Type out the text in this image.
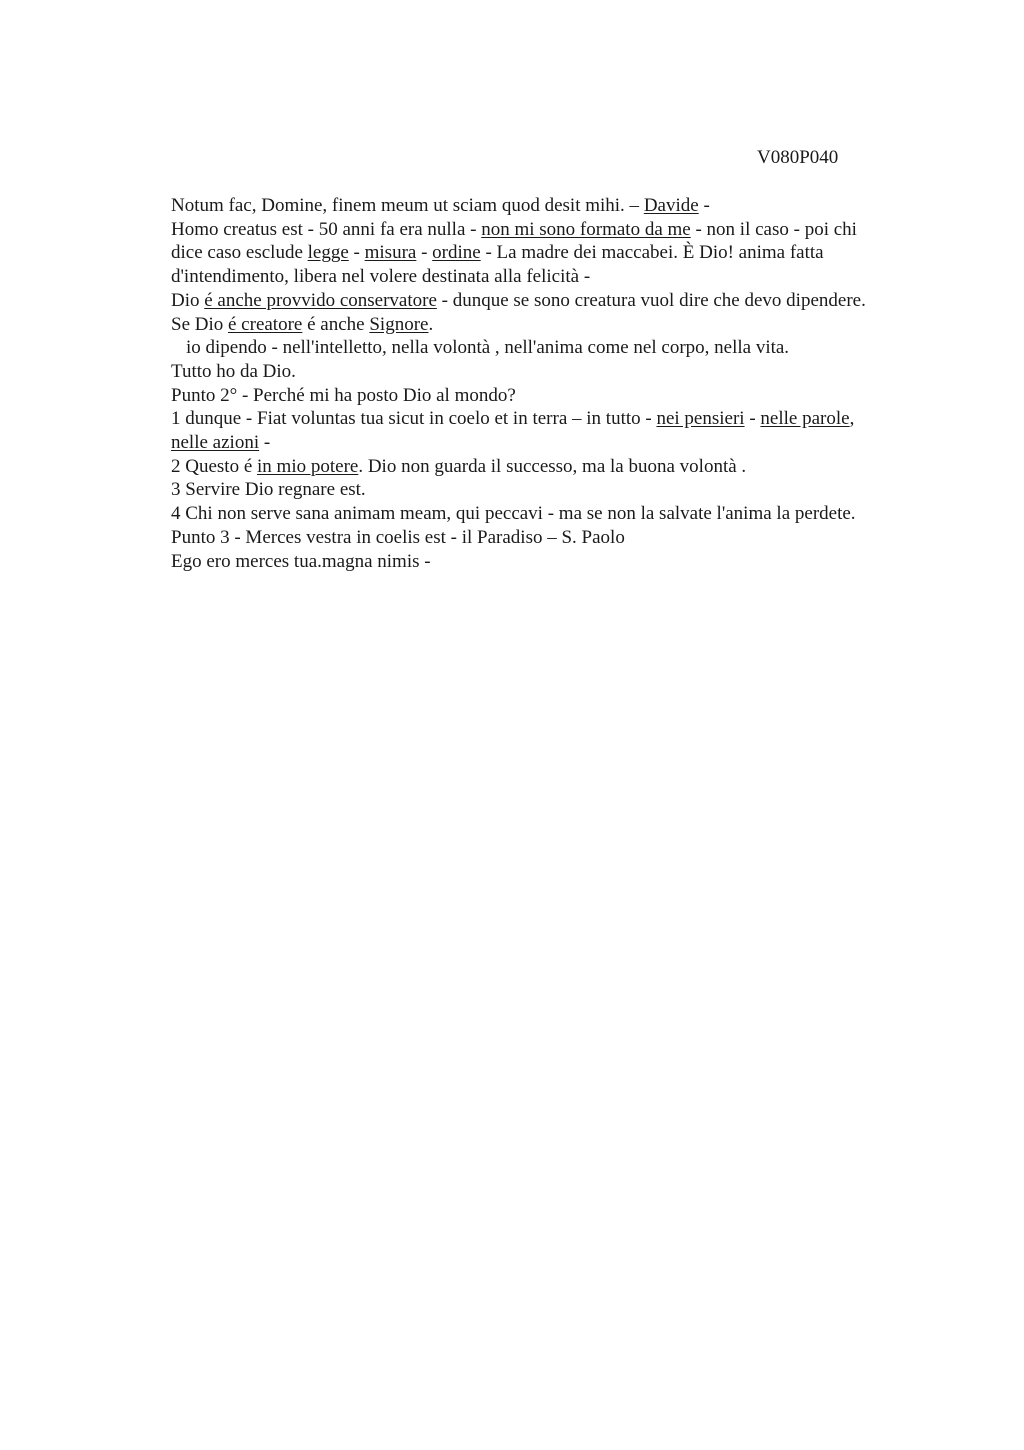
V080P040
Notum fac, Domine, finem meum ut sciam quod desit mihi. – Davide -
Homo creatus est - 50 anni fa era nulla - non mi sono formato da me - non il caso - poi chi
dice caso esclude legge - misura - ordine - La madre dei maccabei. È Dio! anima fatta
d'intendimento, libera nel volere destinata alla felicità -
Dio é anche provvido conservatore - dunque se sono creatura vuol dire che devo dipendere.
Se Dio é creatore é anche Signore.
io dipendo - nell'intelletto, nella volontà , nell'anima come nel corpo, nella vita.
Tutto ho da Dio.
Punto 2° - Perché mi ha posto Dio al mondo?
1 dunque - Fiat voluntas tua sicut in coelo et in terra – in tutto - nei pensieri - nelle parole,
nelle azioni -
2 Questo é in mio potere. Dio non guarda il successo, ma la buona volontà .
3 Servire Dio regnare est.
4 Chi non serve sana animam meam, qui peccavi - ma se non la salvate l'anima la perdete.
Punto 3 - Merces vestra in coelis est - il Paradiso – S. Paolo
Ego ero merces tua.magna nimis -
